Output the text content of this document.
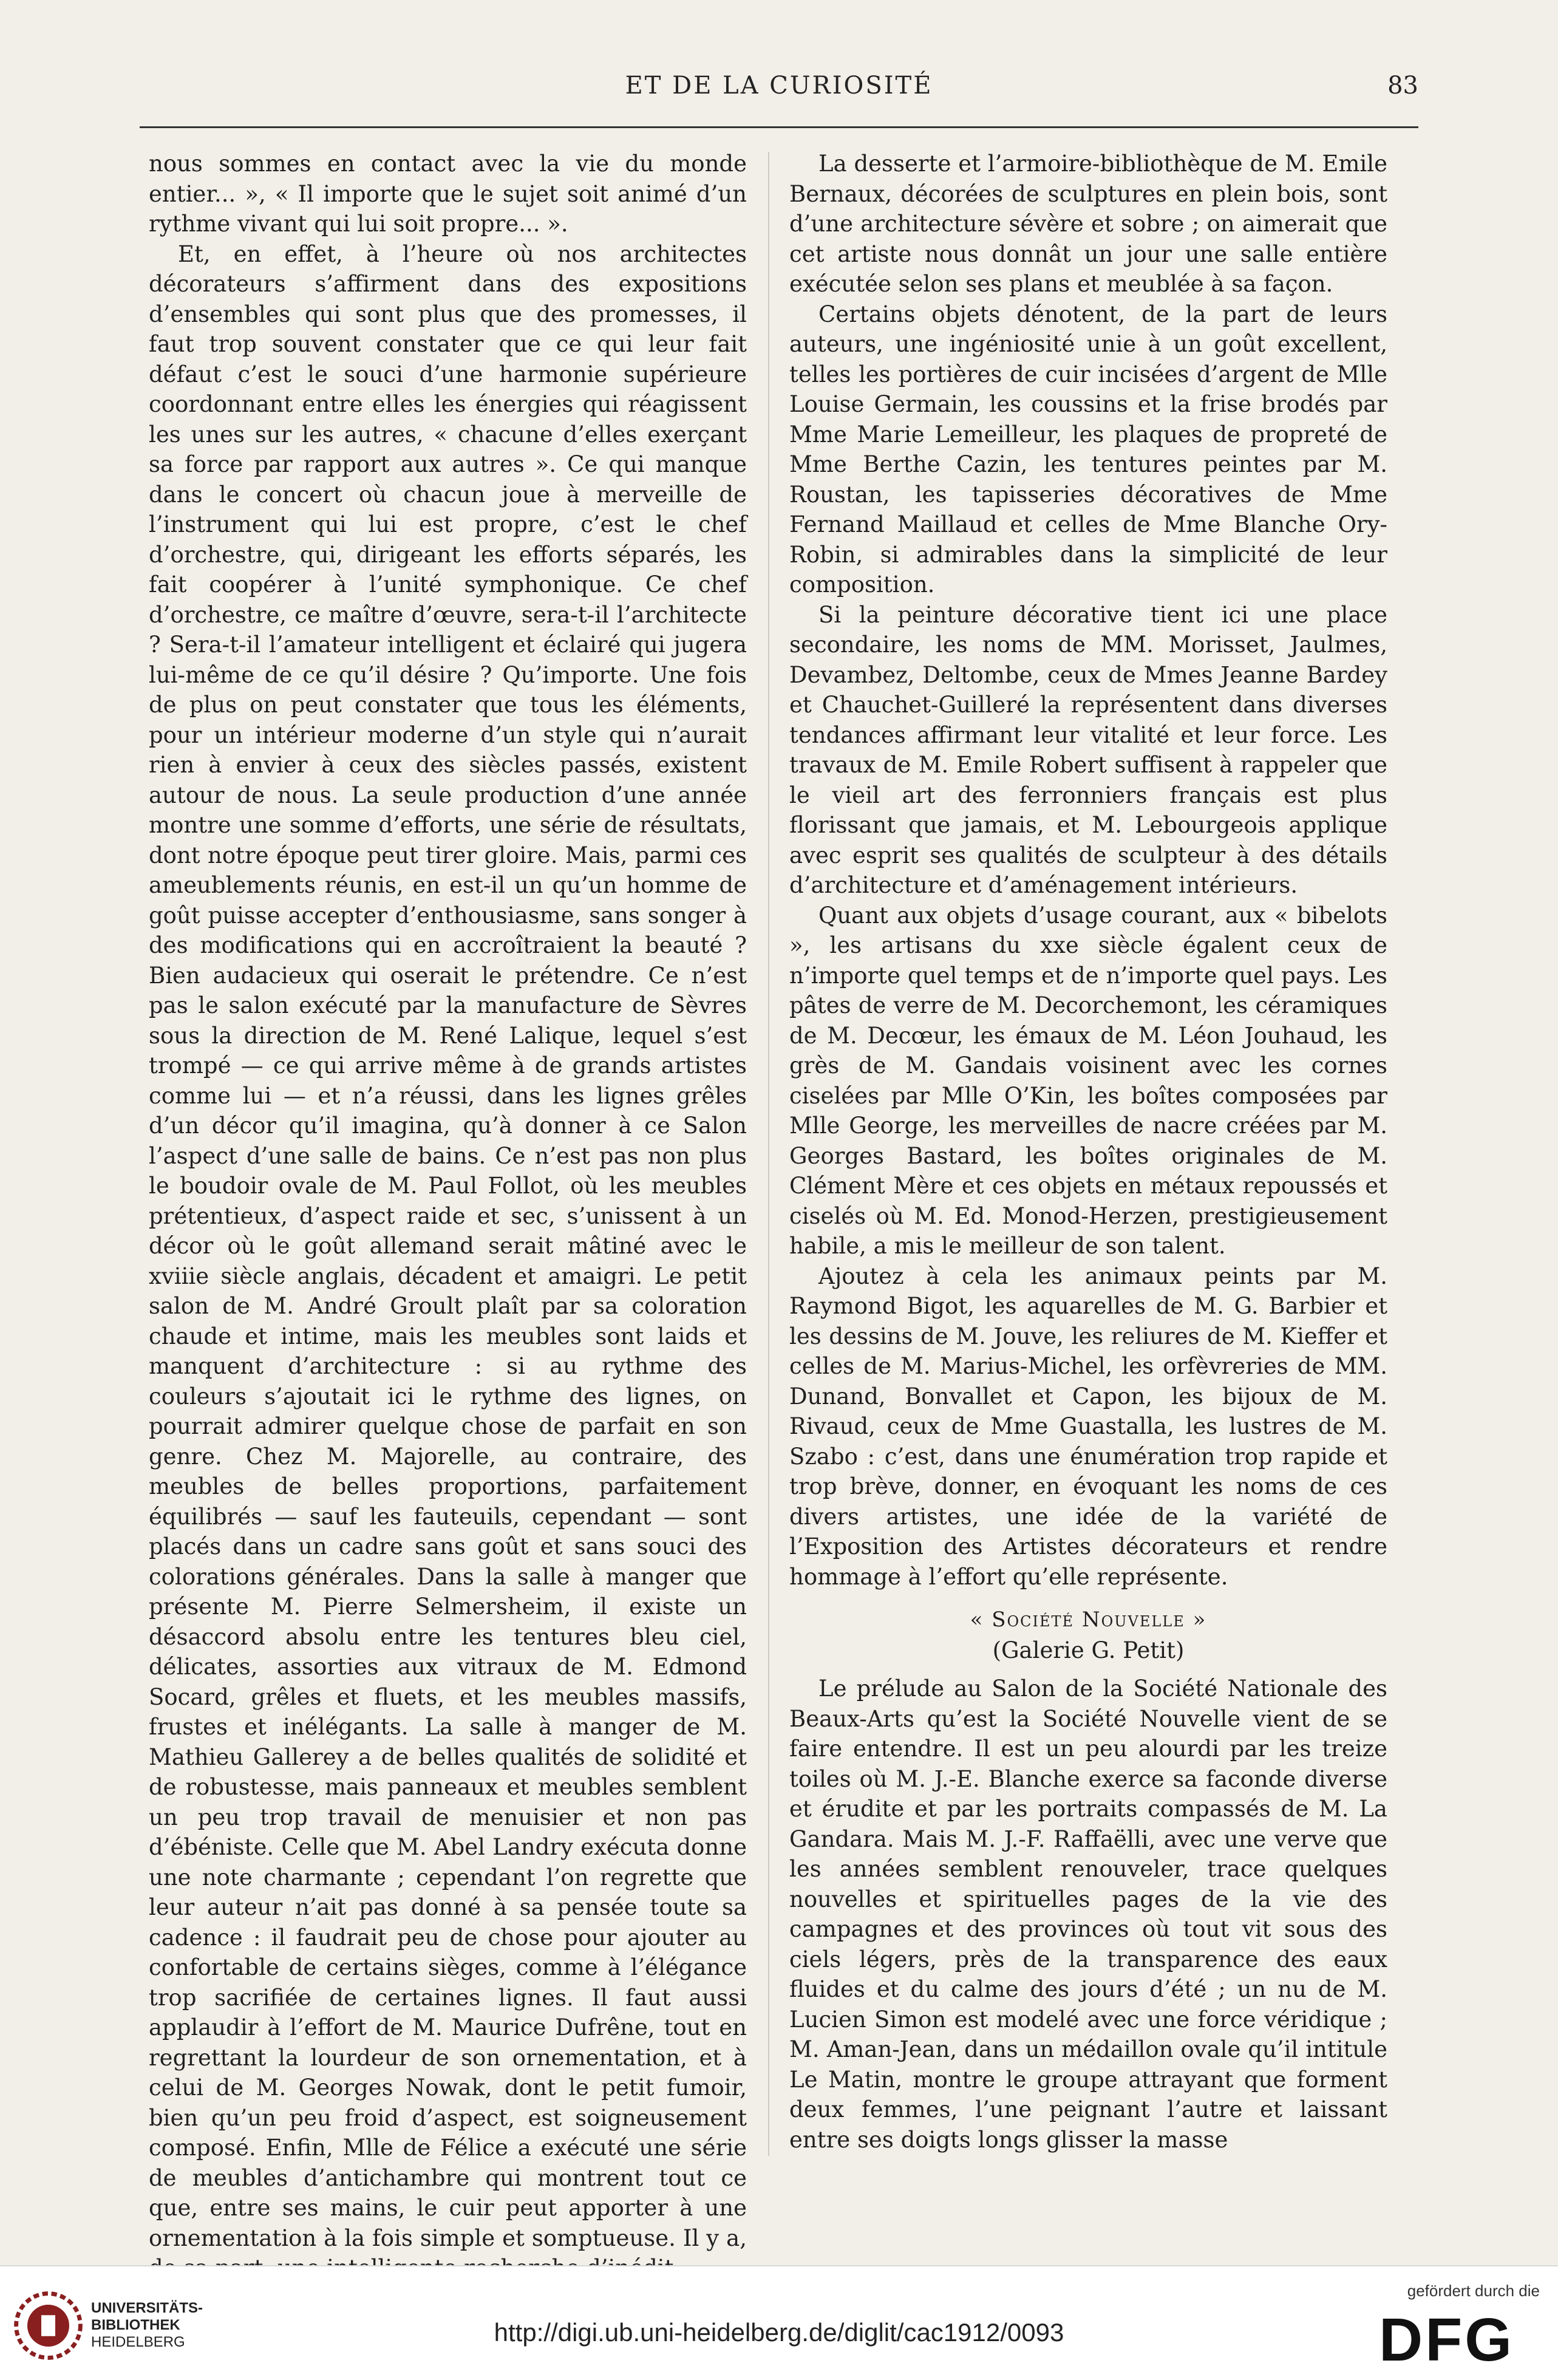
ET DE LA CURIOSITÉ	83

nous sommes en contact avec la vie du monde entier... », « Il importe que le sujet soit animé d’un rythme vivant qui lui soit propre... ».

Et, en effet, à l’heure où nos architectes décorateurs s’affirment dans des expositions d’ensembles qui sont plus que des promesses, il faut trop souvent constater que ce qui leur fait défaut c’est le souci d’une harmonie supérieure coordonnant entre elles les énergies qui réagissent les unes sur les autres, « chacune d’elles exerçant sa force par rapport aux autres ». Ce qui manque dans le concert où chacun joue à merveille de l’instrument qui lui est propre, c’est le chef d’orchestre, qui, dirigeant les efforts séparés, les fait coopérer à l’unité symphonique. Ce chef d’orchestre, ce maître d’œuvre, sera-t-il l’architecte ? Sera-t-il l’amateur intelligent et éclairé qui jugera lui-même de ce qu’il désire ? Qu’importe. Une fois de plus on peut constater que tous les éléments, pour un intérieur moderne d’un style qui n’aurait rien à envier à ceux des siècles passés, existent autour de nous. La seule production d’une année montre une somme d’efforts, une série de résultats, dont notre époque peut tirer gloire. Mais, parmi ces ameublements réunis, en est-il un qu’un homme de goût puisse accepter d’enthousiasme, sans songer à des modifications qui en accroîtraient la beauté ? Bien audacieux qui oserait le prétendre. Ce n’est pas le salon exécuté par la manufacture de Sèvres sous la direction de M. René Lalique, lequel s’est trompé — ce qui arrive même à de grands artistes comme lui — et n’a réussi, dans les lignes grêles d’un décor qu’il imagina, qu’à donner à ce Salon l’aspect d’une salle de bains. Ce n’est pas non plus le boudoir ovale de M. Paul Follot, où les meubles prétentieux, d’aspect raide et sec, s’unissent à un décor où le goût allemand serait mâtiné avec le xviiie siècle anglais, décadent et amaigri. Le petit salon de M. André Groult plaît par sa coloration chaude et intime, mais les meubles sont laids et manquent d’architecture : si au rythme des couleurs s’ajoutait ici le rythme des lignes, on pourrait admirer quelque chose de parfait en son genre. Chez M. Majorelle, au contraire, des meubles de belles proportions, parfaitement équilibrés — sauf les fauteuils, cependant — sont placés dans un cadre sans goût et sans souci des colorations générales. Dans la salle à manger que présente M. Pierre Selmersheim, il existe un désaccord absolu entre les tentures bleu ciel, délicates, assorties aux vitraux de M. Edmond Socard, grêles et fluets, et les meubles massifs, frustes et inélégants. La salle à manger de M. Mathieu Gallerey a de belles qualités de solidité et de robustesse, mais panneaux et meubles semblent un peu trop travail de menuisier et non pas d’ébéniste. Celle que M. Abel Landry exécuta donne une note charmante ; cependant l’on regrette que leur auteur n’ait pas donné à sa pensée toute sa cadence : il faudrait peu de chose pour ajouter au confortable de certains sièges, comme à l’élégance trop sacrifiée de certaines lignes. Il faut aussi applaudir à l’effort de M. Maurice Dufrêne, tout en regrettant la lourdeur de son ornementation, et à celui de M. Georges Nowak, dont le petit fumoir, bien qu’un peu froid d’aspect, est soigneusement composé. Enfin, Mlle de Félice a exécuté une série de meubles d’antichambre qui montrent tout ce que, entre ses mains, le cuir peut apporter à une ornementation à la fois simple et somptueuse. Il y a,

La desserte et l’armoire-bibliothèque de M. Emile Bernaux, décorées de sculptures en plein bois, sont d’une architecture sévère et sobre ; on aimerait que cet artiste nous donnât un jour une salle entière exécutée selon ses plans et meublée à sa façon.

Certains objets dénotent, de la part de leurs auteurs, une ingéniosité unie à un goût excellent, telles les portières de cuir incisées d’argent de Mlle Louise Germain, les coussins et la frise brodés par Mme Marie Lemeilleur, les plaques de propreté de Mme Berthe Cazin, les tentures peintes par M. Roustan, les tapisseries décoratives de Mme Fernand Maillaud et celles de Mme Blanche Ory-Robin, si admirables dans la simplicité de leur composition.

Si la peinture décorative tient ici une place secondaire, les noms de MM. Morisset, Jaulmes, Devambez, Deltombe, ceux de Mmes Jeanne Bardey et Chauchet-Guilleré la représentent dans diverses tendances affirmant leur vitalité et leur force. Les travaux de M. Emile Robert suffisent à rappeler que le vieil art des ferronniers français est plus florissant que jamais, et M. Lebourgeois applique avec esprit ses qualités de sculpteur à des détails d’architecture et d’aménagement intérieurs.

Quant aux objets d’usage courant, aux « bibelots », les artisans du xxe siècle égalent ceux de n’importe quel temps et de n’importe quel pays. Les pâtes de verre de M. Decorchemont, les céramiques de M. Decœur, les émaux de M. Léon Jouhaud, les grès de M. Gandais voisinent avec les cornes ciselées par Mlle O’Kin, les boîtes composées par Mlle George, les merveilles de nacre créées par M. Georges Bastard, les boîtes originales de M. Clément Mère et ces objets en métaux repoussés et ciselés où M. Ed. Monod-Herzen, prestigieusement habile, a mis le meilleur de son talent.

Ajoutez à cela les animaux peints par M. Raymond Bigot, les aquarelles de M. G. Barbier et les dessins de M. Jouve, les reliures de M. Kieffer et celles de M. Marius-Michel, les orfèvreries de MM. Dunand, Bonvallet et Capon, les bijoux de M. Rivaud, ceux de Mme Guastalla, les lustres de M. Szabo : c’est, dans une énumération trop rapide et trop brève, donner, en évoquant les noms de ces divers artistes, une idée de la variété de l’Exposition des Artistes décorateurs et rendre hommage à l’effort qu’elle représente.

« Société Nouvelle »
(Galerie G. Petit)

Le prélude au Salon de la Société Nationale des Beaux-Arts qu’est la Société Nouvelle vient de se faire entendre. Il est un peu alourdi par les treize toiles où M. J.-E. Blanche exerce sa faconde diverse et érudite et par les portraits compassés de M. La Gandara. Mais M. J.-F. Raffaëlli, avec une verve que les années semblent renouveler, trace quelques nouvelles et spirituelles pages de la vie des campagnes et des provinces où tout vit sous des ciels légers, près de la transparence des eaux fluides et du calme des jours d’été ; un nu de M. Lucien Simon est modelé avec une force véridique ; M. Aman-Jean, dans un médaillon ovale qu’il intitule Le Matin, montre le groupe attrayant que forment deux femmes, l’une peignant l’autre et laissant entre ses doigts longs glisser la masse

UNIVERSITÄTS-
BIBLIOTHEK
HEIDELBERG	http://digi.ub.uni-heidelberg.de/diglit/cac1912/0093
gefördert durch die
DFG
